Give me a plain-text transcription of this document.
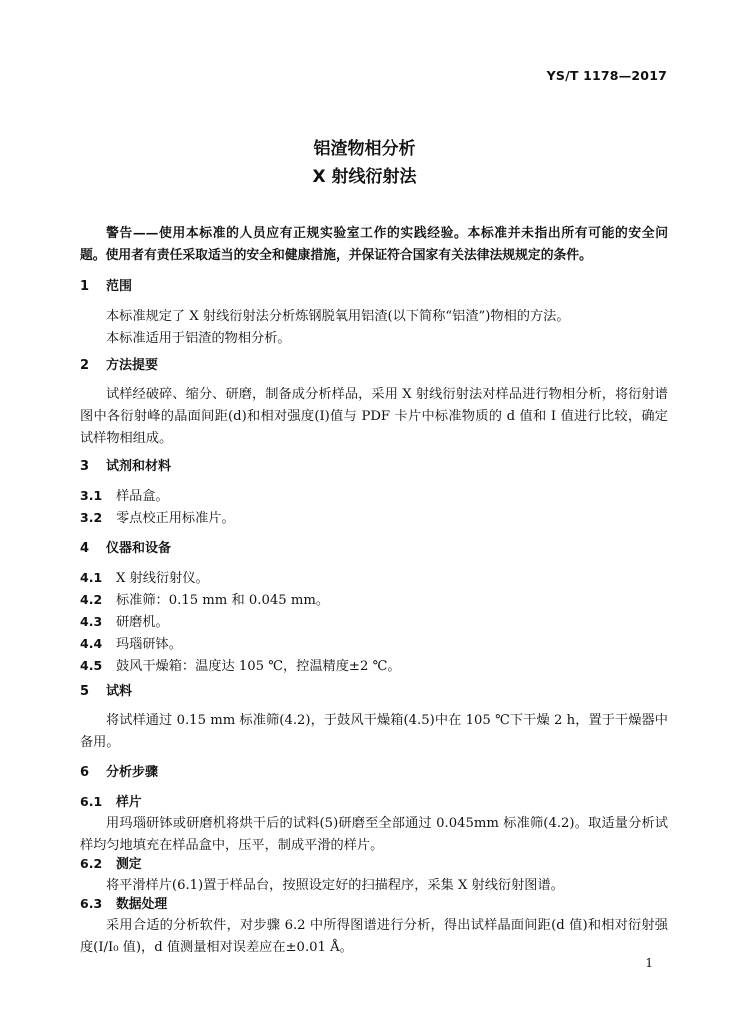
YS/T 1178—2017
铝渣物相分析
X 射线衍射法

警告——使用本标准的人员应有正规实验室工作的实践经验。本标准并未指出所有可能的安全问题。使用者有责任采取适当的安全和健康措施，并保证符合国家有关法律法规规定的条件。

1 范围

本标准规定了 X 射线衍射法分析炼钢脱氧用铝渣(以下简称“铝渣”)物相的方法。

本标准适用于铝渣的物相分析。

2 方法提要

试样经破碎、缩分、研磨，制备成分析样品，采用 X 射线衍射法对样品进行物相分析，将衍射谱图中各衍射峰的晶面间距(d)和相对强度(I)值与 PDF 卡片中标准物质的 d 值和 I 值进行比较，确定试样物相组成。

3 试剂和材料

3.1 样品盒。

3.2 零点校正用标准片。

4 仪器和设备

4.1 X 射线衍射仪。

4.2 标准筛：0.15 mm 和 0.045 mm。

4.3 研磨机。

4.4 玛瑙研钵。

4.5 鼓风干燥箱：温度达 105 ℃，控温精度±2 ℃。

5 试料

将试样通过 0.15 mm 标准筛(4.2)，于鼓风干燥箱(4.5)中在 105 ℃下干燥 2 h，置于干燥器中备用。

6 分析步骤

6.1 样片

用玛瑙研钵或研磨机将烘干后的试料(5)研磨至全部通过 0.045mm 标准筛(4.2)。取适量分析试样均匀地填充在样品盒中，压平，制成平滑的样片。

6.2 测定

将平滑样片(6.1)置于样品台，按照设定好的扫描程序，采集 X 射线衍射图谱。

6.3 数据处理

采用合适的分析软件，对步骤 6.2 中所得图谱进行分析，得出试样晶面间距(d 值)和相对衍射强度(I/I₀ 值)，d 值测量相对误差应在±0.01 Å。

1
